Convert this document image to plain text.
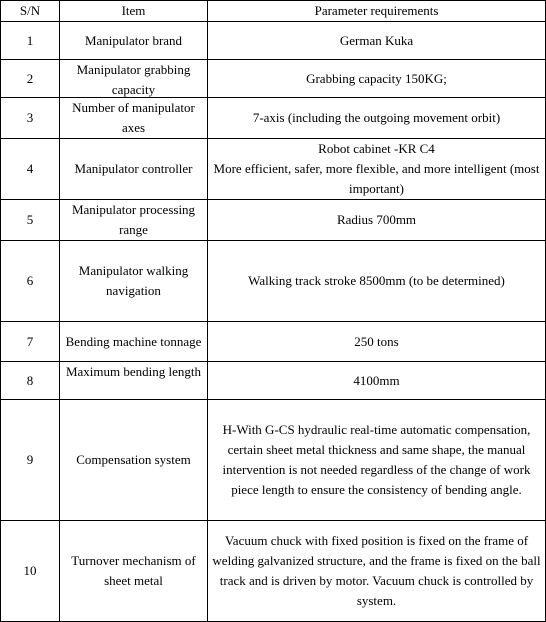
S/N	Item	Parameter requirements
1	Manipulator brand	German Kuka
2	Manipulator grabbing capacity	Grabbing capacity 150KG;
3	Number of manipulator axes	7-axis (including the outgoing movement orbit)
4	Manipulator controller	Robot cabinet -KR C4
More efficient, safer, more flexible, and more intelligent (most important)
5	Manipulator processing range	Radius 700mm
6	Manipulator walking navigation	Walking track stroke 8500mm (to be determined)
7	Bending machine tonnage	250 tons
8	Maximum bending length	4100mm
9	Compensation system	H-With G-CS hydraulic real-time automatic compensation, certain sheet metal thickness and same shape, the manual intervention is not needed regardless of the change of work piece length to ensure the consistency of bending angle.
10	Turnover mechanism of sheet metal	Vacuum chuck with fixed position is fixed on the frame of welding galvanized structure, and the frame is fixed on the ball track and is driven by motor. Vacuum chuck is controlled by system.
